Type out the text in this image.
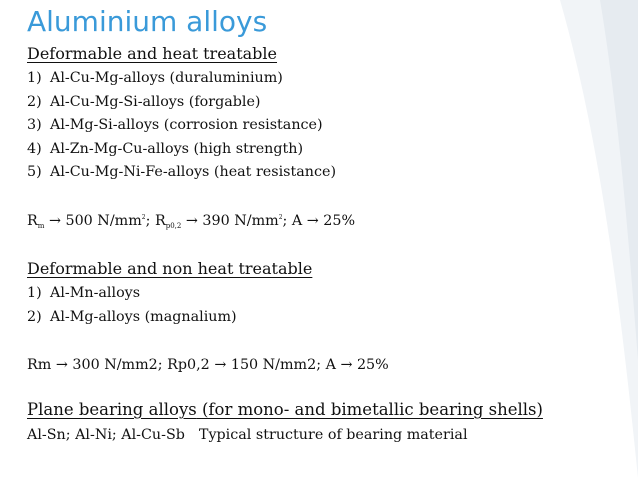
Aluminium alloys
Deformable and heat treatable
1) Al-Cu-Mg-alloys (duraluminium)
2) Al-Cu-Mg-Si-alloys (forgable)
3) Al-Mg-Si-alloys (corrosion resistance)
4) Al-Zn-Mg-Cu-alloys (high strength)
5) Al-Cu-Mg-Ni-Fe-alloys (heat resistance)
$R_m \to 500$ $N/mm^2$; $R_{p0,2} \to 390$ $N/mm^2$; A → 25%
Deformable and non heat treatable
1) Al-Mn-alloys
2) Al-Mg-alloys (magnalium)
Rm → 300 N/mm2; Rp0,2 → 150 N/mm2; A → 25%
Plane bearing alloys (for mono- and bimetallic bearing shells)
Al-Sn; Al-Ni; Al-Cu-Sb Typical structure of bearing material
